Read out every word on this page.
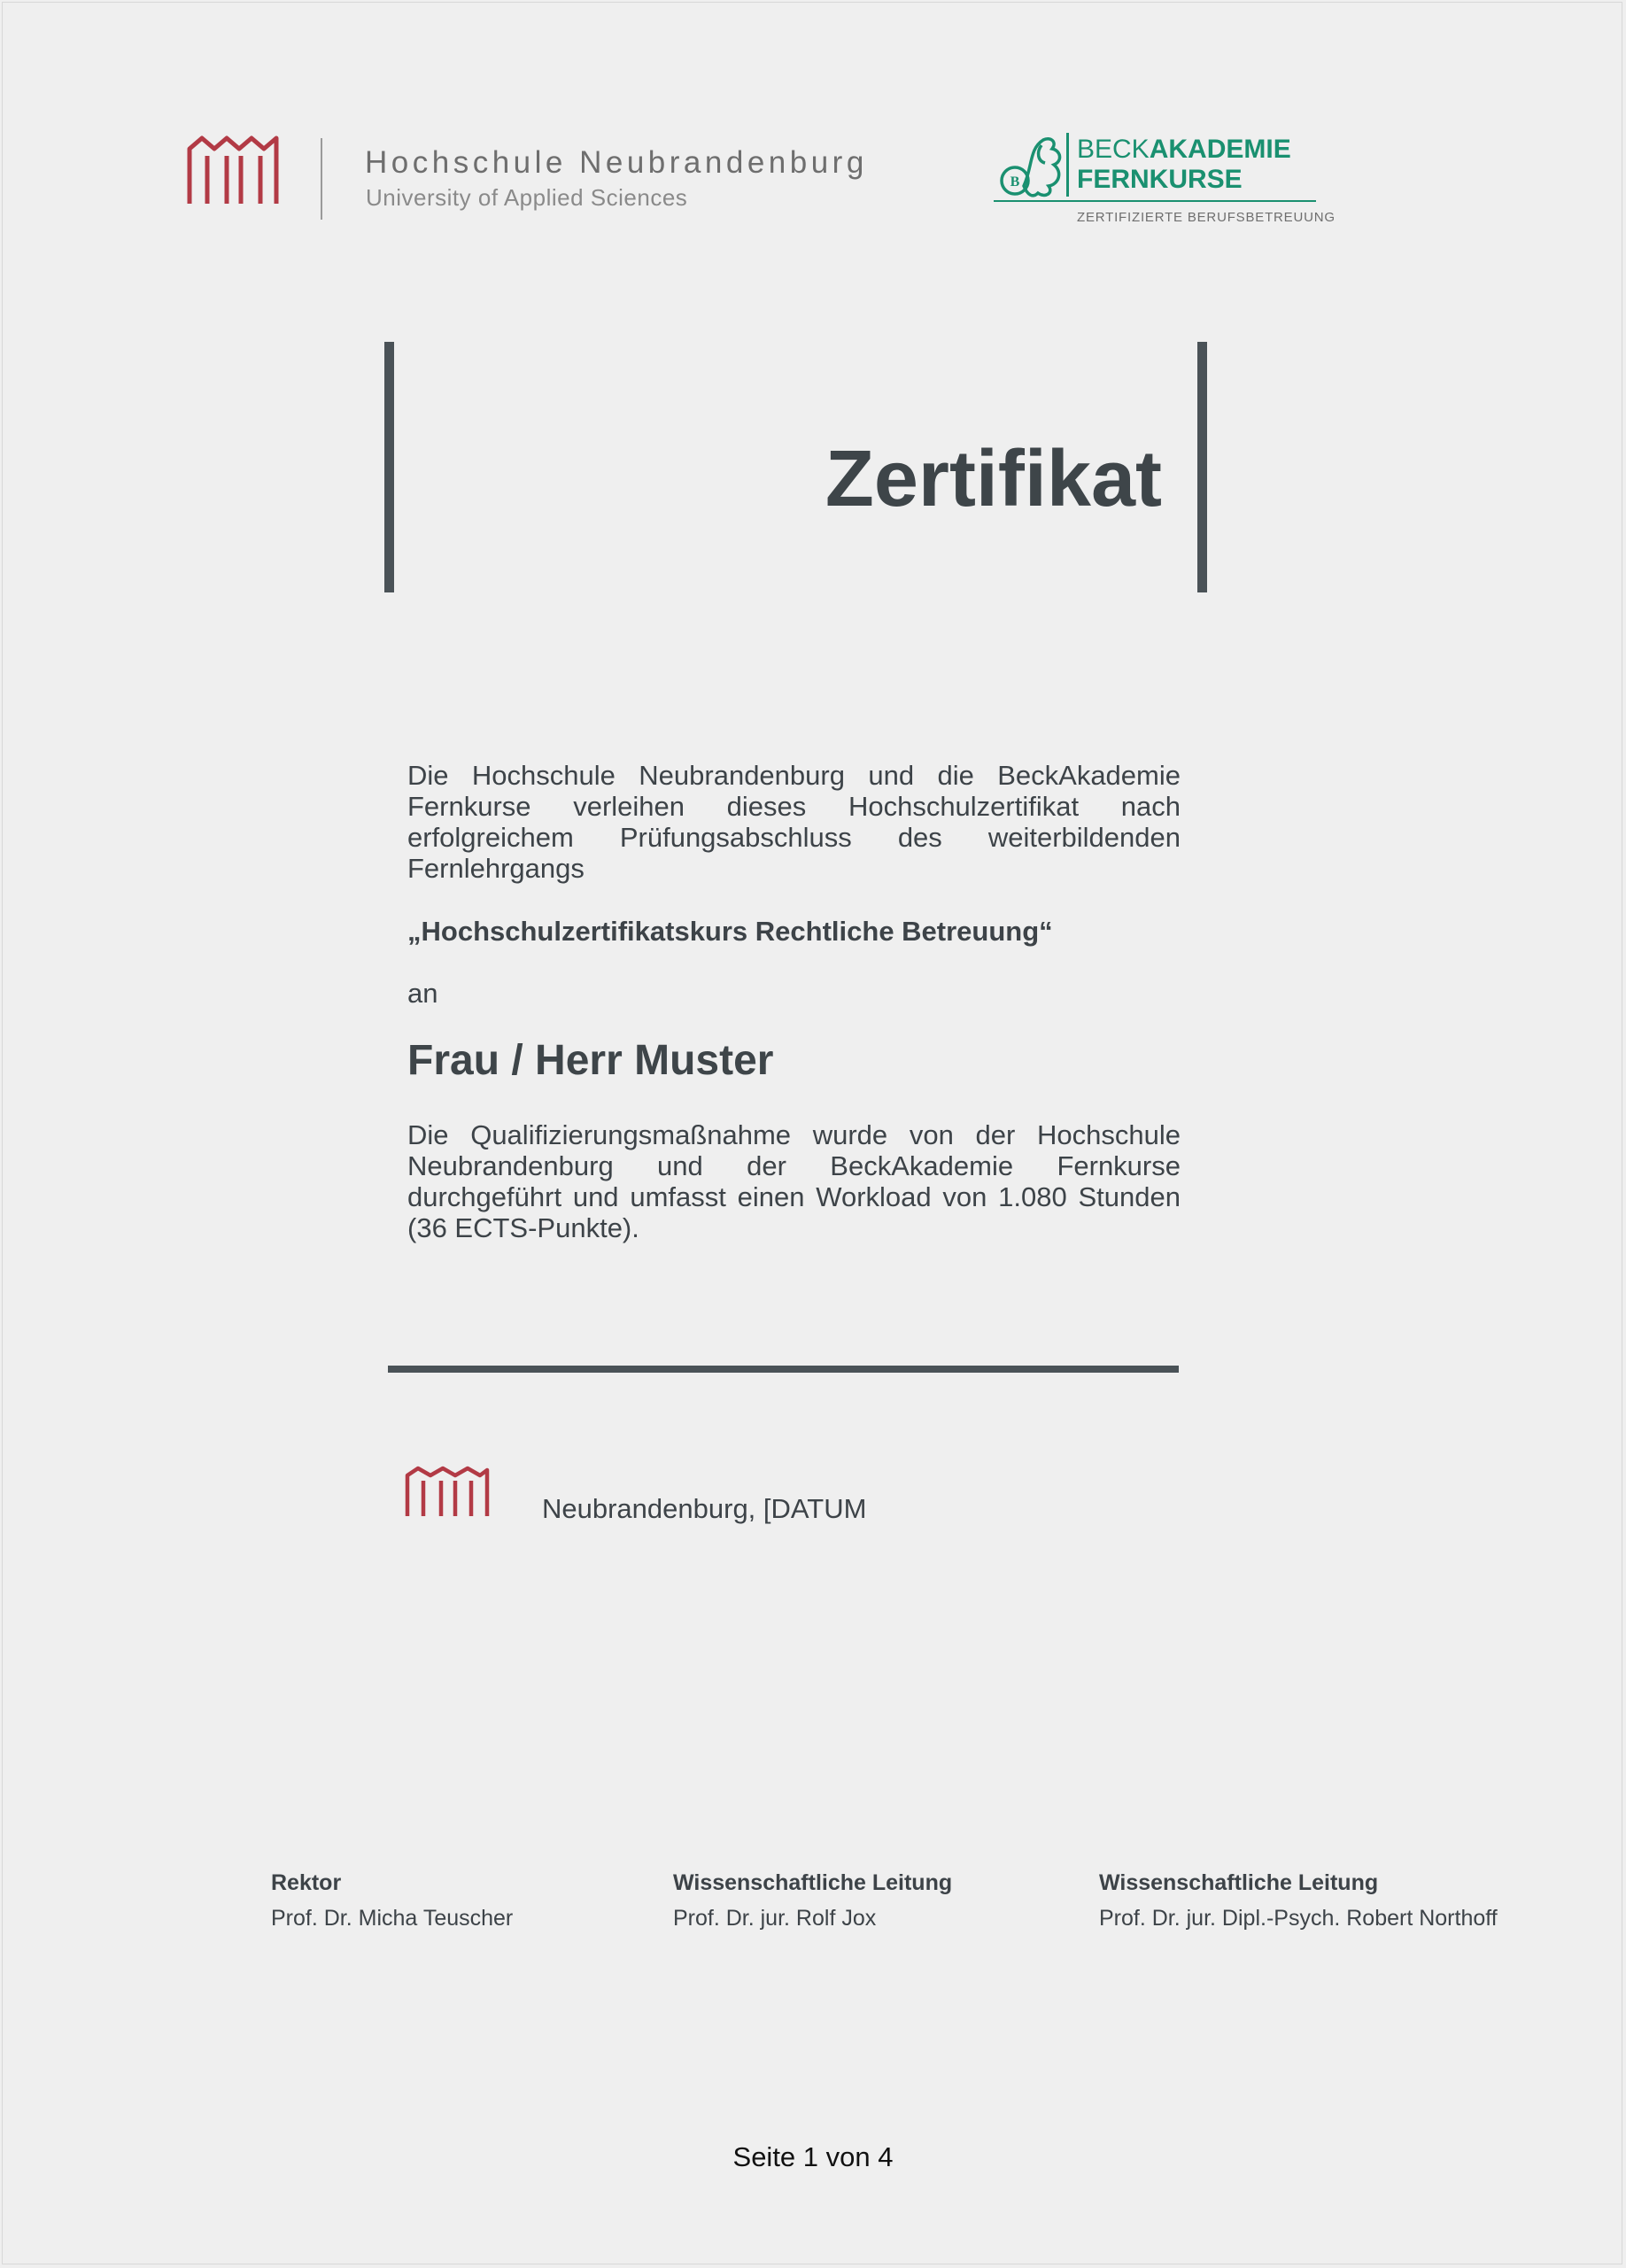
Hochschule Neubrandenburg
University of Applied Sciences
B
BECKAKADEMIE
FERNKURSE
ZERTIFIZIERTE BERUFSBETREUUNG
Zertifikat
Die Hochschule Neubrandenburg und die BeckAkademie Fernkurse verleihen dieses Hochschulzertifikat nach erfolgreichem Prüfungsabschluss des weiterbildenden Fernlehrgangs
„Hochschulzertifikatskurs Rechtliche Betreuung“
an
Frau / Herr Muster
Die Qualifizierungsmaßnahme wurde von der Hochschule Neubrandenburg und der BeckAkademie Fernkurse durchgeführt und umfasst einen Workload von 1.080 Stunden (36 ECTS-Punkte).
Neubrandenburg, [DATUM
Rektor
Prof. Dr. Micha Teuscher
Wissenschaftliche Leitung
Prof. Dr. jur. Rolf Jox
Wissenschaftliche Leitung
Prof. Dr. jur. Dipl.-Psych. Robert Northoff
Seite 1 von 4
